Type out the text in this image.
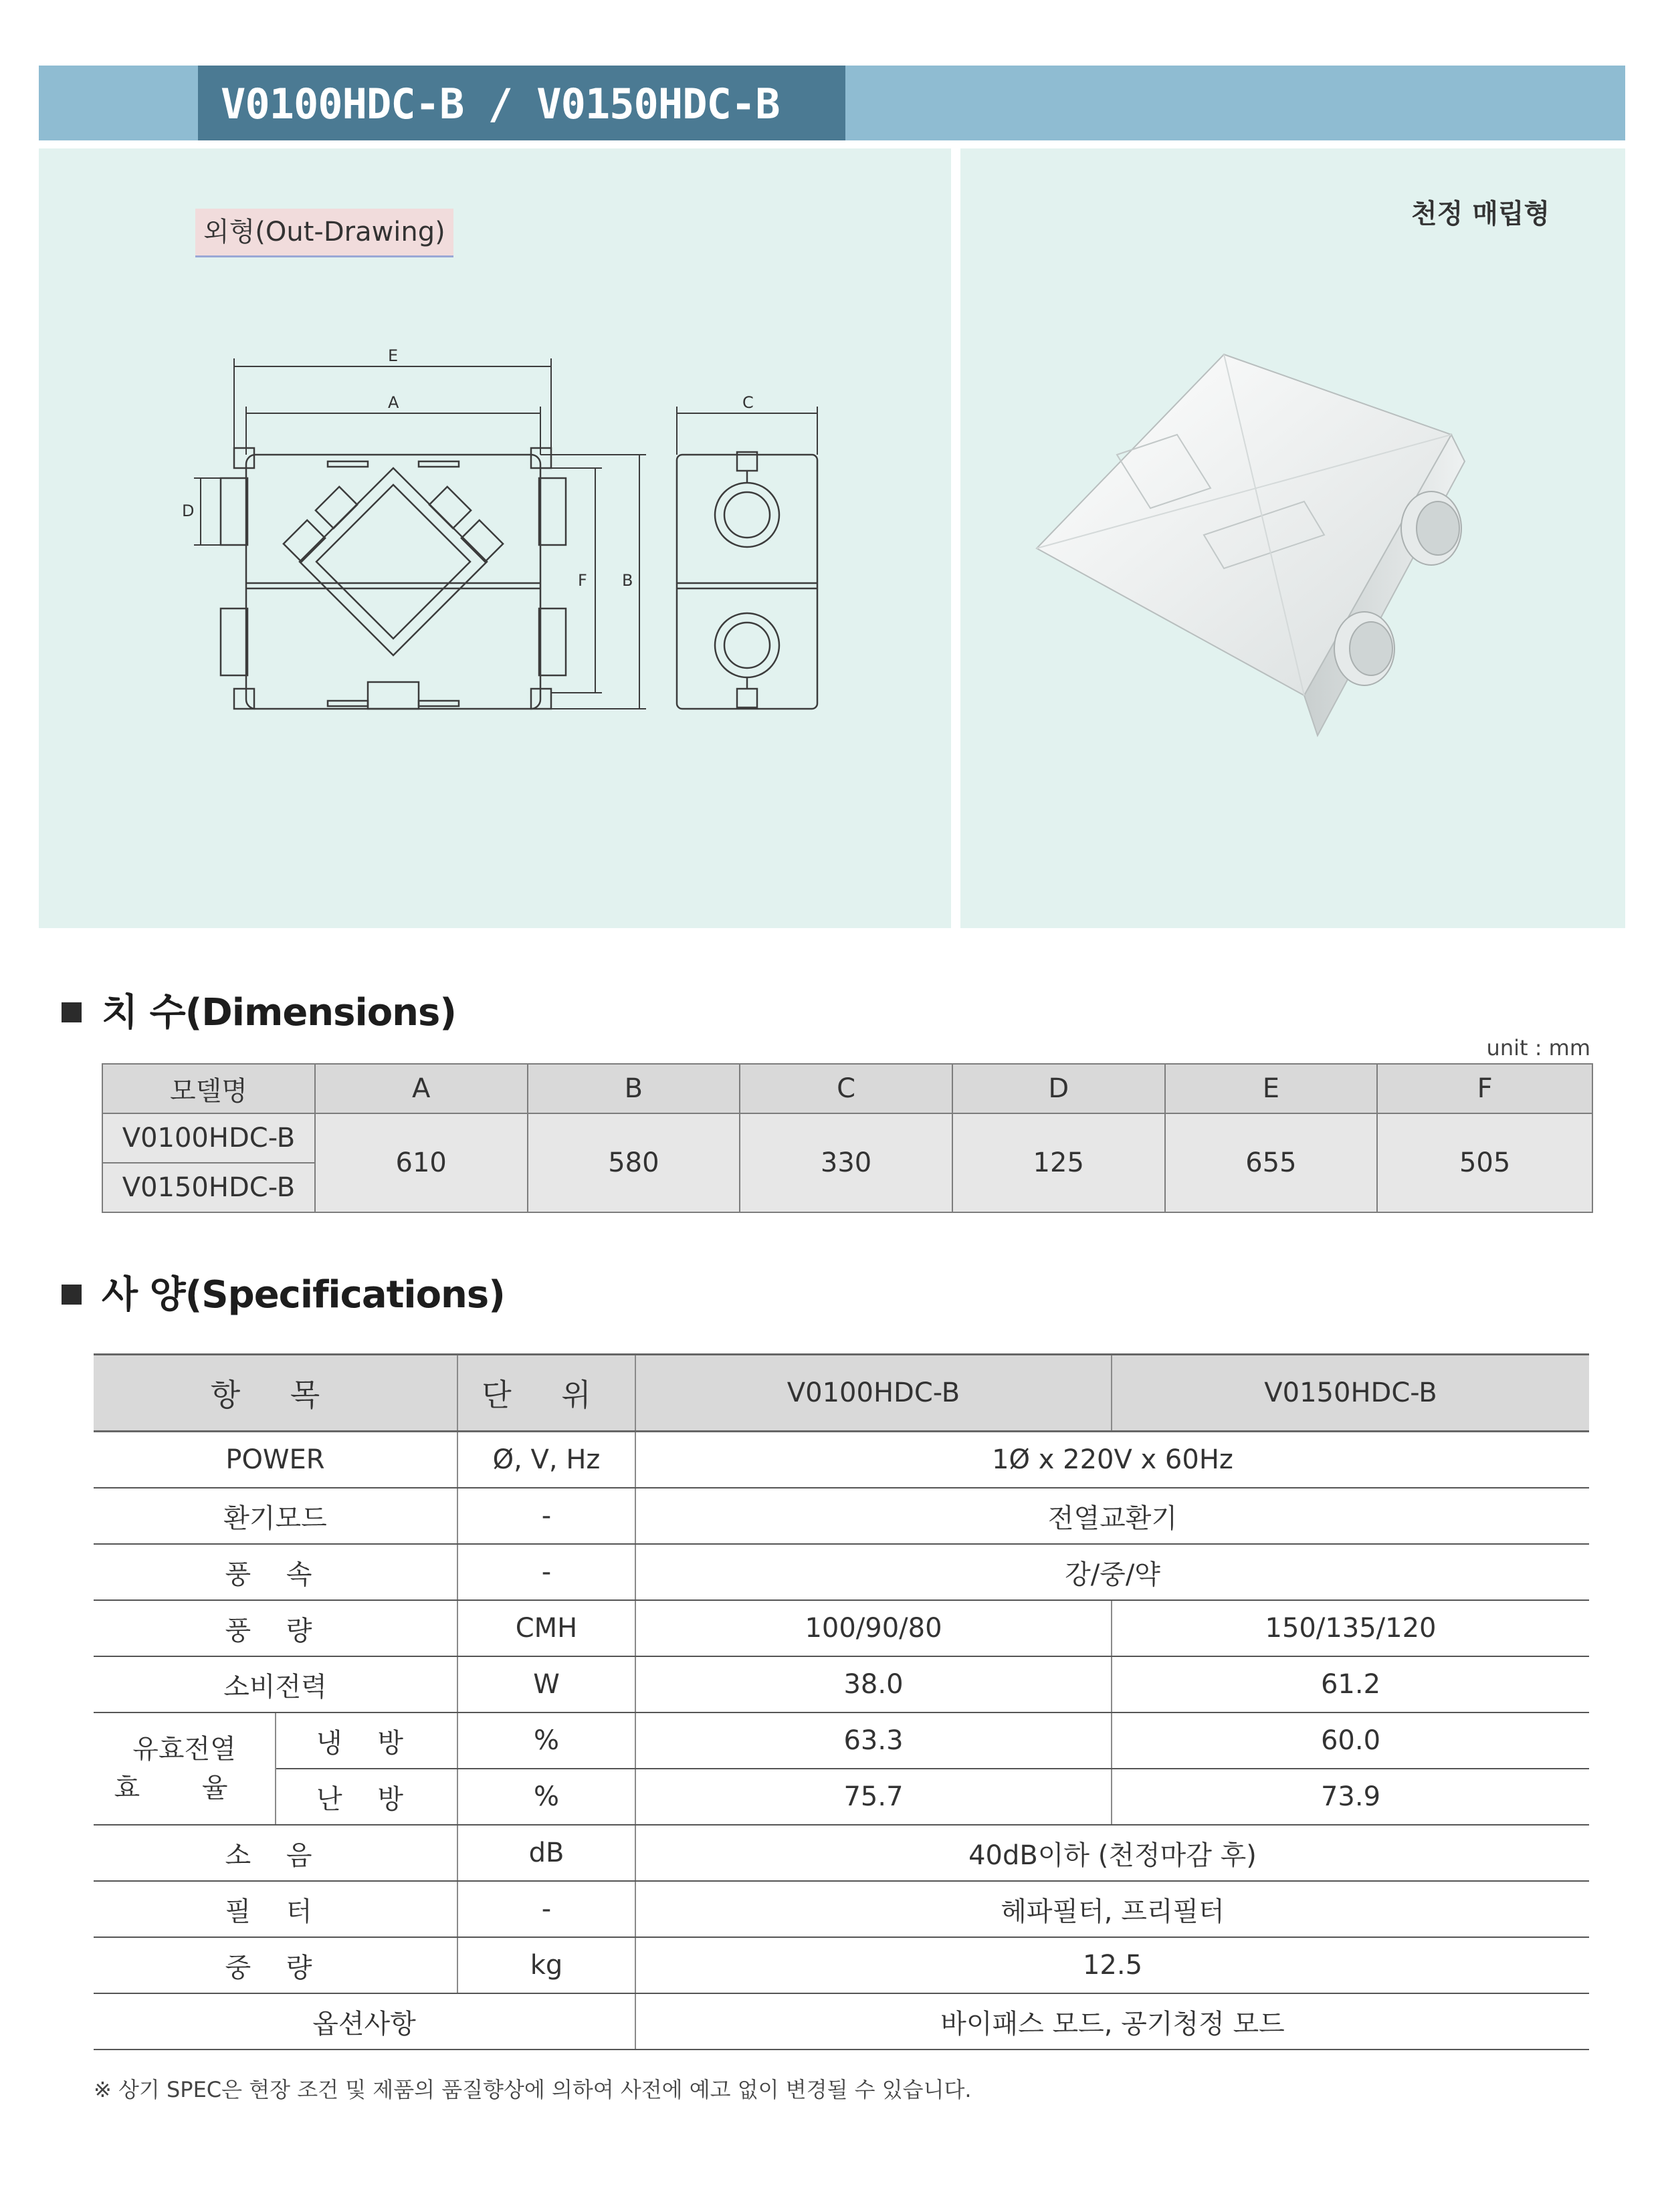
V0100HDC-B / V0150HDC-B
외형(Out-Drawing)
E
A
F B
C
D
천정 매립형
치 수(Dimensions)
unit : mm
모델명	A	B	C	D	E	F
V0100HDC-B	610	580	330	125	655	505
V0150HDC-B						
사 양(Specifications)
항 목		단 위	V0100HDC-B	V0150HDC-B
POWER		Ø, V, Hz	1Ø x 220V x 60Hz	
환기모드		-	전열교환기	
풍 속		-	강/중/약	
풍 량		CMH	100/90/80	150/135/120
소비전력		W	38.0	61.2

유효전열
효 율	냉 방	%	63.3	60.0
	난 방	%	75.7	73.9
소 음		dB	40dB이하 (천정마감 후)	
필 터		-	헤파필터, 프리필터	
중 량		kg	12.5	
옵션사항			바이패스 모드, 공기청정 모드	
※ 상기 SPEC은 현장 조건 및 제품의 품질향상에 의하여 사전에 예고 없이 변경될 수 있습니다.
